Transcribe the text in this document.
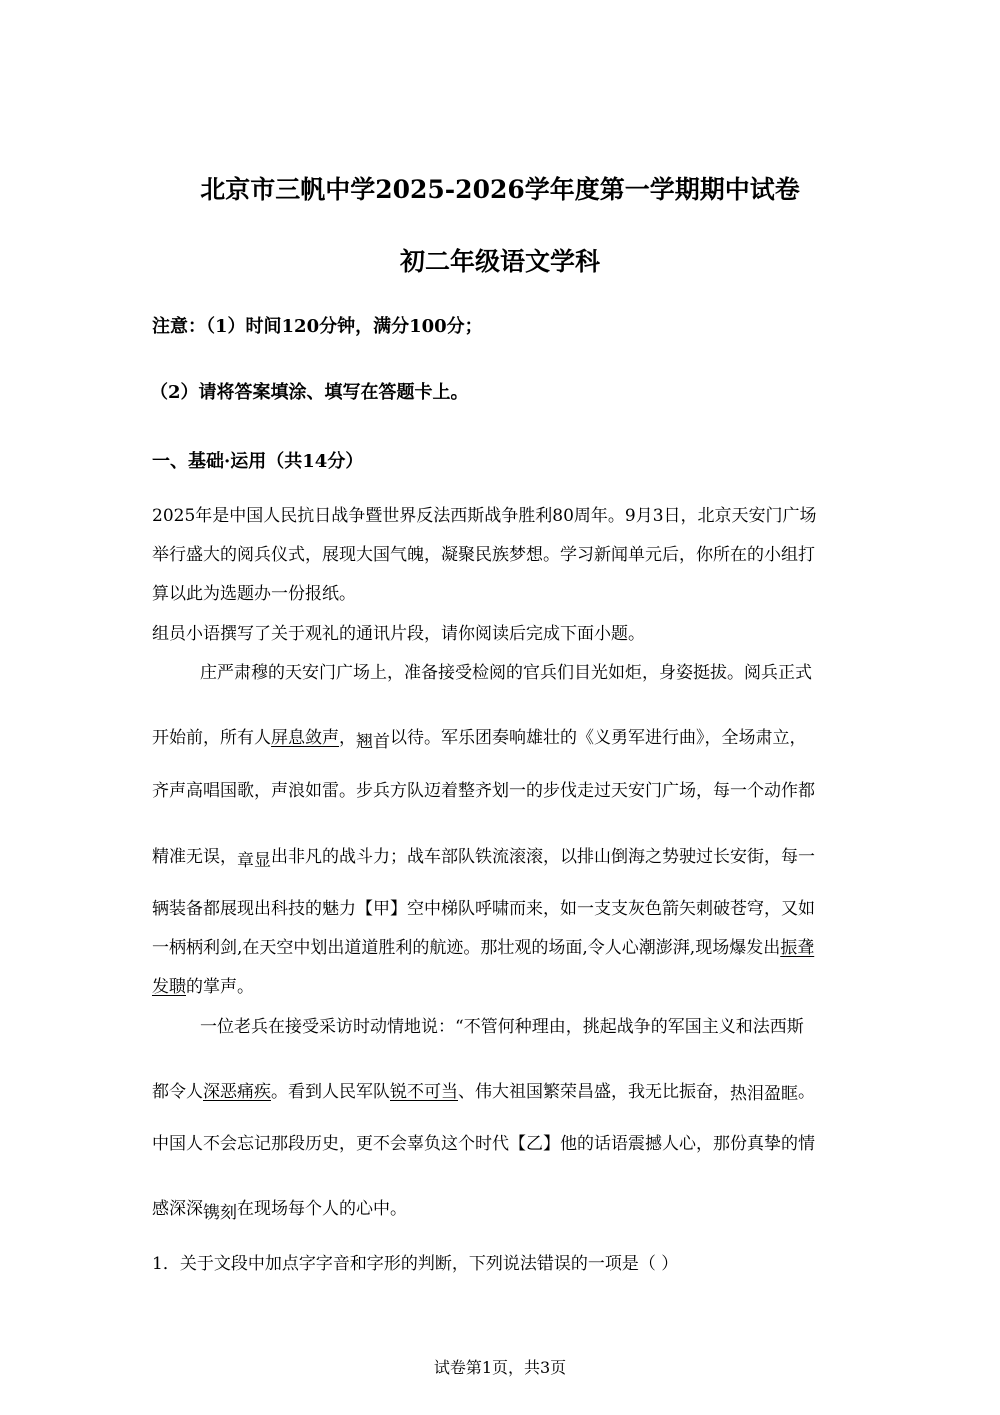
北京市三帆中学2025-2026学年度第一学期期中试卷
初二年级语文学科
注意：（1）时间120分钟，满分100分；
（2）请将答案填涂、填写在答题卡上。
一、基础·运用（共14分）
2025年是中国人民抗日战争暨世界反法西斯战争胜利80周年。9月3日，北京天安门广场
举行盛大的阅兵仪式，展现大国气魄，凝聚民族梦想。学习新闻单元后，你所在的小组打
算以此为选题办一份报纸。
组员小语撰写了关于观礼的通讯片段，请你阅读后完成下面小题。
庄严肃穆的天安门广场上，准备接受检阅的官兵们目光如炬，身姿挺拔。阅兵正式
开始前，所有人屏息敛声，翘首以待。军乐团奏响雄壮的《义勇军进行曲》，全场肃立，
齐声高唱国歌，声浪如雷。步兵方队迈着整齐划一的步伐走过天安门广场，每一个动作都
精准无误，章显出非凡的战斗力；战车部队铁流滚滚，以排山倒海之势驶过长安街，每一
辆装备都展现出科技的魅力【甲】空中梯队呼啸而来，如一支支灰色箭矢刺破苍穹，又如
一柄柄利剑,在天空中划出道道胜利的航迹。那壮观的场面,令人心潮澎湃,现场爆发出振聋
发聩的掌声。
一位老兵在接受采访时动情地说：“不管何种理由，挑起战争的军国主义和法西斯
都令人深恶痛疾。看到人民军队锐不可当、伟大祖国繁荣昌盛，我无比振奋，热泪盈眶。
中国人不会忘记那段历史，更不会辜负这个时代【乙】他的话语震撼人心，那份真挚的情
感深深镌刻在现场每个人的心中。
1．关于文段中加点字字音和字形的判断，下列说法错误的一项是（ ）
试卷第1页，共3页
